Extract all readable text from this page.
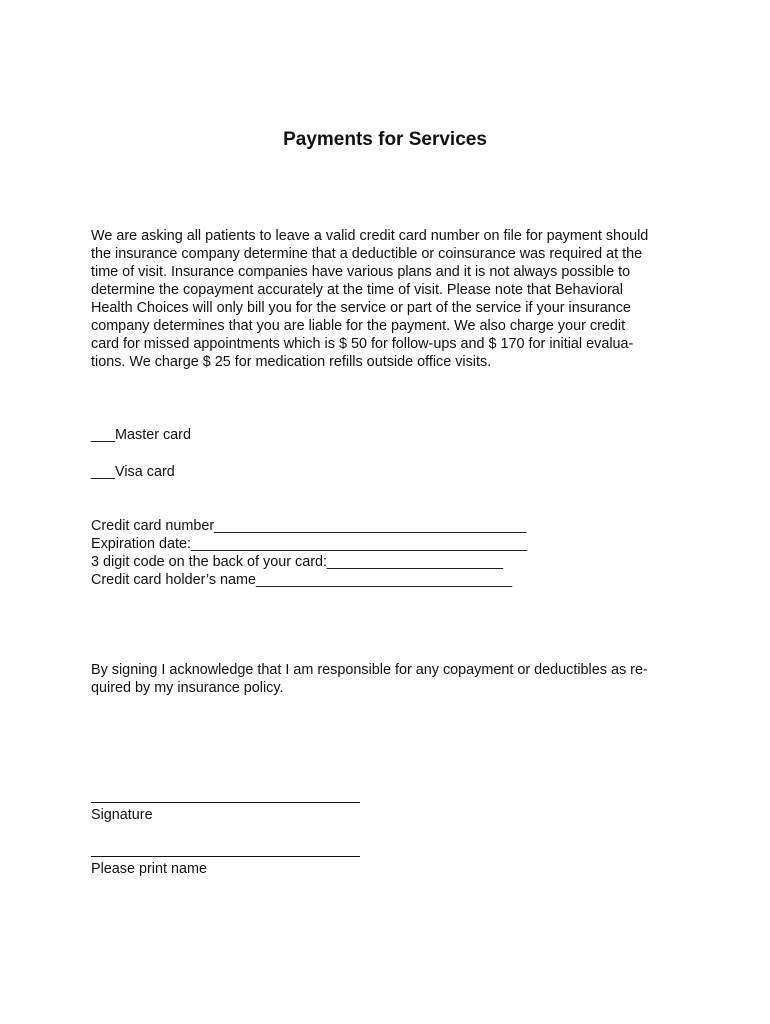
Payments for Services
We are asking all patients to leave a valid credit card number on file for payment should
the insurance company determine that a deductible or coinsurance was required at the
time of visit. Insurance companies have various plans and it is not always possible to
determine the copayment accurately at the time of visit. Please note that Behavioral
Health Choices will only bill you for the service or part of the service if your insurance
company determines that you are liable for the payment. We also charge your credit
card for missed appointments which is $ 50 for follow-ups and $ 170 for initial evalua-
tions. We charge $ 25 for medication refills outside office visits.
___Master card
___Visa card
Credit card number_______________________________________
Expiration date:__________________________________________
3 digit code on the back of your card:______________________
Credit card holder’s name________________________________
By signing I acknowledge that I am responsible for any copayment or deductibles as re-
quired by my insurance policy.
Signature
Please print name
